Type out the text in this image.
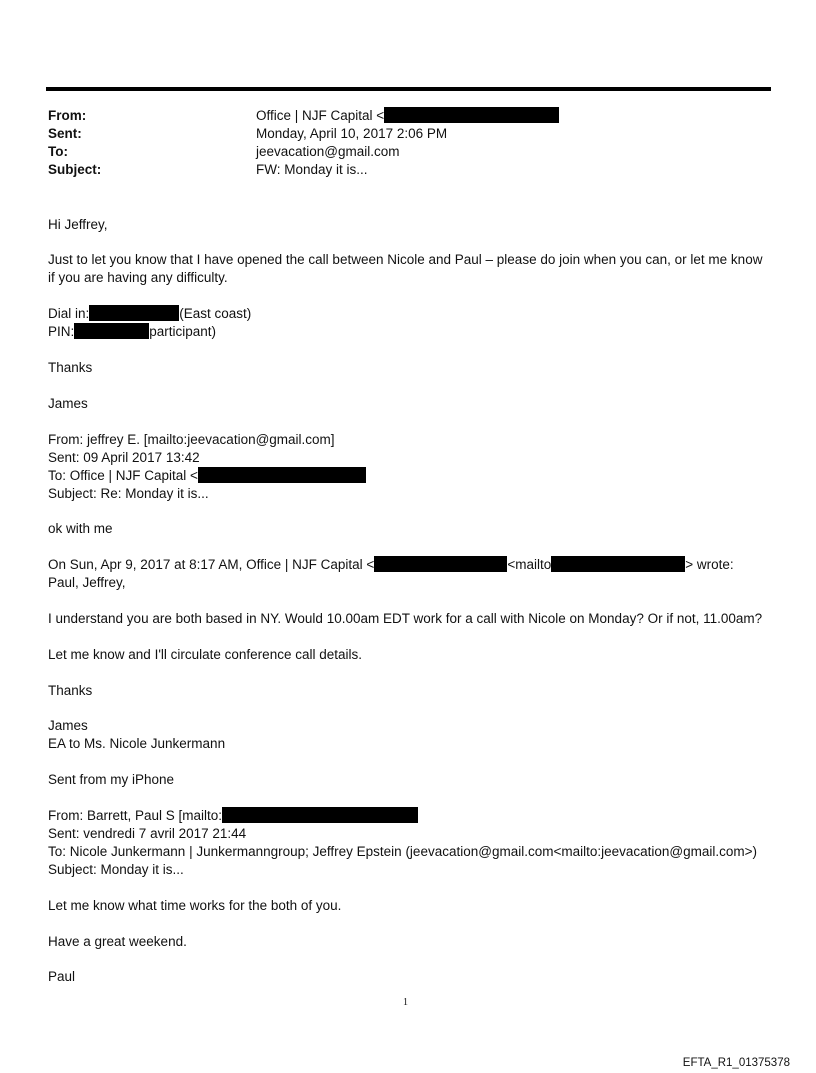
From:	Office | NJF Capital <
Sent:	Monday, April 10, 2017 2:06 PM
To:	jeevacation@gmail.com
Subject:	FW: Monday it is...
Hi Jeffrey,
Just to let you know that I have opened the call between Nicole and Paul – please do join when you can, or let me know if you are having any difficulty.
Dial in:	(East coast)
PIN:	participant)
Thanks
James
From: jeffrey E. [mailto:jeevacation@gmail.com]
Sent: 09 April 2017 13:42
To: Office | NJF Capital <
Subject: Re: Monday it is...
ok with me
On Sun, Apr 9, 2017 at 8:17 AM, Office | NJF Capital <	<mailto	> wrote:
Paul, Jeffrey,
I understand you are both based in NY. Would 10.00am EDT work for a call with Nicole on Monday? Or if not, 11.00am?
Let me know and I'll circulate conference call details.
Thanks
James
EA to Ms. Nicole Junkermann
Sent from my iPhone
From: Barrett, Paul S [mailto:
Sent: vendredi 7 avril 2017 21:44
To: Nicole Junkermann | Junkermanngroup; Jeffrey Epstein (jeevacation@gmail.com<mailto:jeevacation@gmail.com>)
Subject: Monday it is...
Let me know what time works for the both of you.
Have a great weekend.
Paul
1
EFTA_R1_01375378
